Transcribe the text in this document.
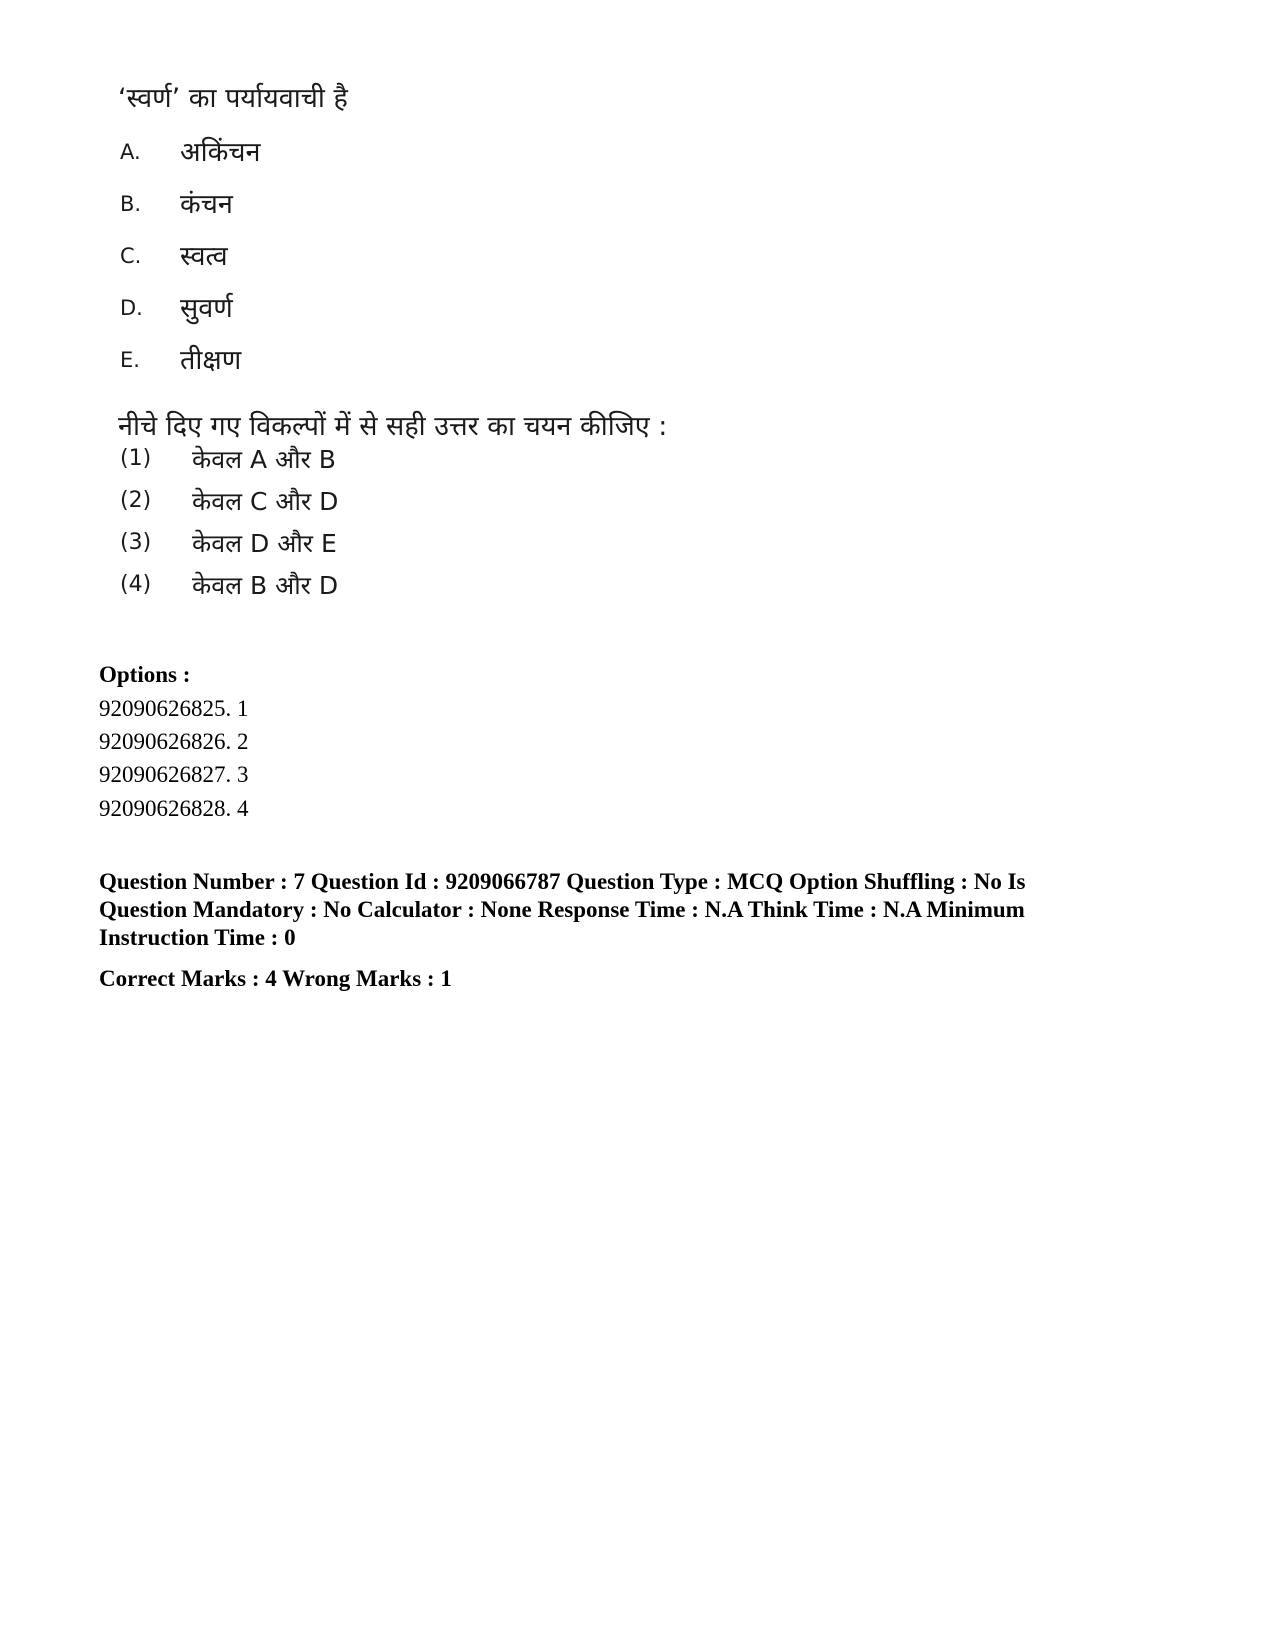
‘स्वर्ण’ का पर्यायवाची है
A. अकिंचन
B. कंचन
C. स्वत्व
D. सुवर्ण
E. तीक्षण
नीचे दिए गए विकल्पों में से सही उत्तर का चयन कीजिए :
(1) केवल A और B
(2) केवल C और D
(3) केवल D और E
(4) केवल B और D
Options :
92090626825. 1
92090626826. 2
92090626827. 3
92090626828. 4
Question Number : 7 Question Id : 9209066787 Question Type : MCQ Option Shuffling : No Is
Question Mandatory : No Calculator : None Response Time : N.A Think Time : N.A Minimum
Instruction Time : 0
Correct Marks : 4 Wrong Marks : 1
